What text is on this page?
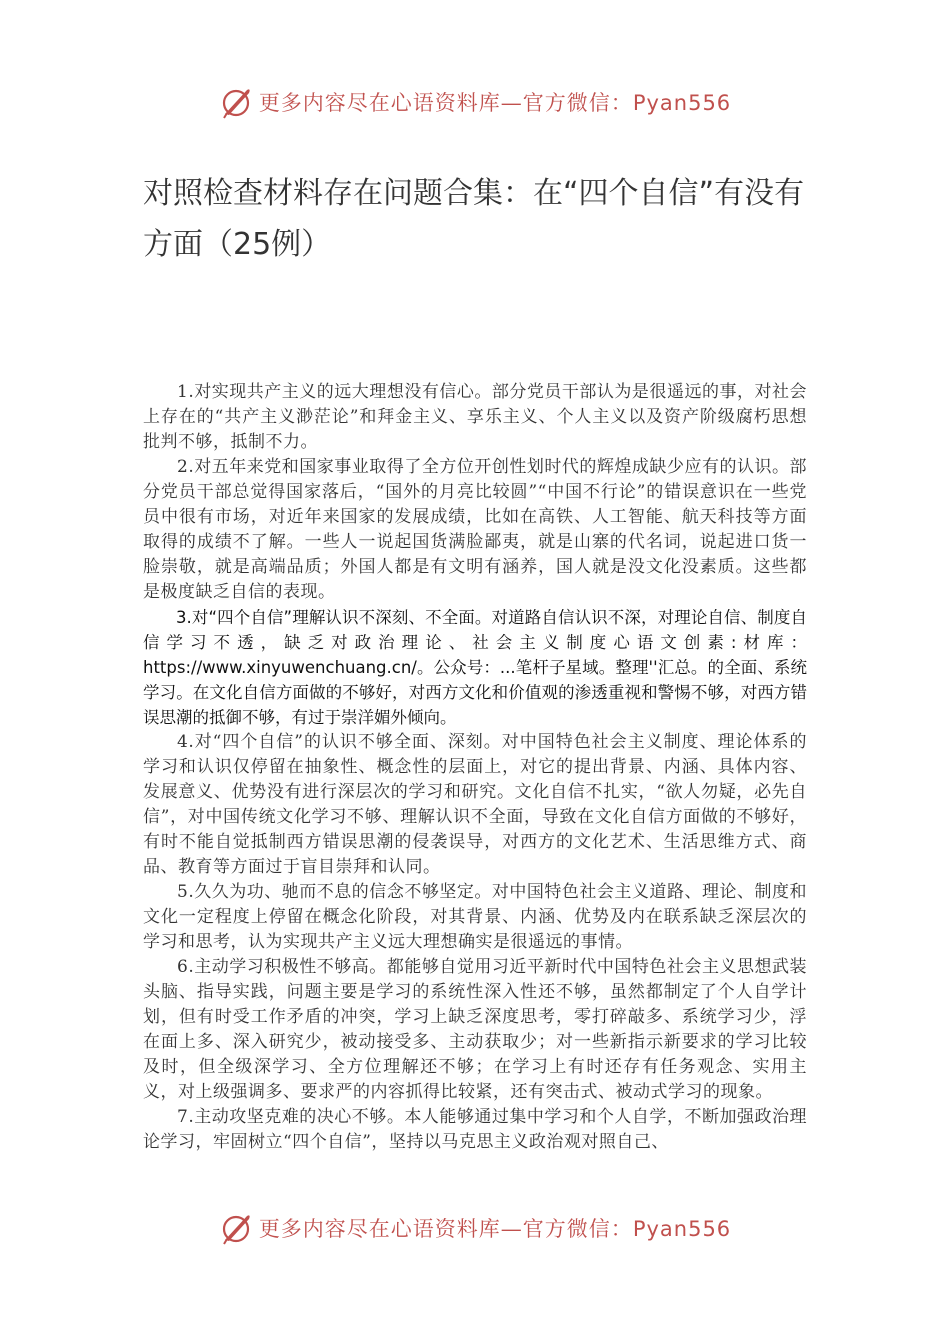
更多内容尽在心语资料库—官方微信：Pyan556
对照检查材料存在问题合集：在“四个自信”有没有方面（25例）

1.对实现共产主义的远大理想没有信心。部分党员干部认为是很遥远的事，对社会上存在的“共产主义渺茫论”和拜金主义、享乐主义、个人主义以及资产阶级腐朽思想批判不够，抵制不力。

2.对五年来党和国家事业取得了全方位开创性划时代的辉煌成缺少应有的认识。部分党员干部总觉得国家落后，“国外的月亮比较圆”“中国不行论”的错误意识在一些党员中很有市场，对近年来国家的发展成绩，比如在高铁、人工智能、航天科技等方面取得的成绩不了解。一些人一说起国货满脸鄙夷，就是山寨的代名词，说起进口货一脸崇敬，就是高端品质；外国人都是有文明有涵养，国人就是没文化没素质。这些都是极度缺乏自信的表现。

3.对“四个自信”理解认识不深刻、不全面。对道路自信认识不深，对理论自信、制度自信学习不透，缺乏对政治理论、社会主义制度心语文创素:材库：https://www.xinyuwenchuang.cn/。公众号：...笔杆子星域。整理''汇总。的全面、系统学习。在文化自信方面做的不够好，对西方文化和价值观的渗透重视和警惕不够，对西方错误思潮的抵御不够，有过于崇洋媚外倾向。

4.对“四个自信”的认识不够全面、深刻。对中国特色社会主义制度、理论体系的学习和认识仅停留在抽象性、概念性的层面上，对它的提出背景、内涵、具体内容、发展意义、优势没有进行深层次的学习和研究。文化自信不扎实，“欲人勿疑，必先自信”，对中国传统文化学习不够、理解认识不全面，导致在文化自信方面做的不够好，有时不能自觉抵制西方错误思潮的侵袭误导，对西方的文化艺术、生活思维方式、商品、教育等方面过于盲目崇拜和认同。

5.久久为功、驰而不息的信念不够坚定。对中国特色社会主义道路、理论、制度和文化一定程度上停留在概念化阶段，对其背景、内涵、优势及内在联系缺乏深层次的学习和思考，认为实现共产主义远大理想确实是很遥远的事情。

6.主动学习积极性不够高。都能够自觉用习近平新时代中国特色社会主义思想武装头脑、指导实践，问题主要是学习的系统性深入性还不够，虽然都制定了个人自学计划，但有时受工作矛盾的冲突，学习上缺乏深度思考，零打碎敲多、系统学习少，浮在面上多、深入研究少，被动接受多、主动获取少；对一些新指示新要求的学习比较及时，但全级深学习、全方位理解还不够；在学习上有时还存有任务观念、实用主义，对上级强调多、要求严的内容抓得比较紧，还有突击式、被动式学习的现象。

7.主动攻坚克难的决心不够。本人能够通过集中学习和个人自学，不断加强政治理论学习，牢固树立“四个自信”，坚持以马克思主义政治观对照自己、

更多内容尽在心语资料库—官方微信：Pyan556
